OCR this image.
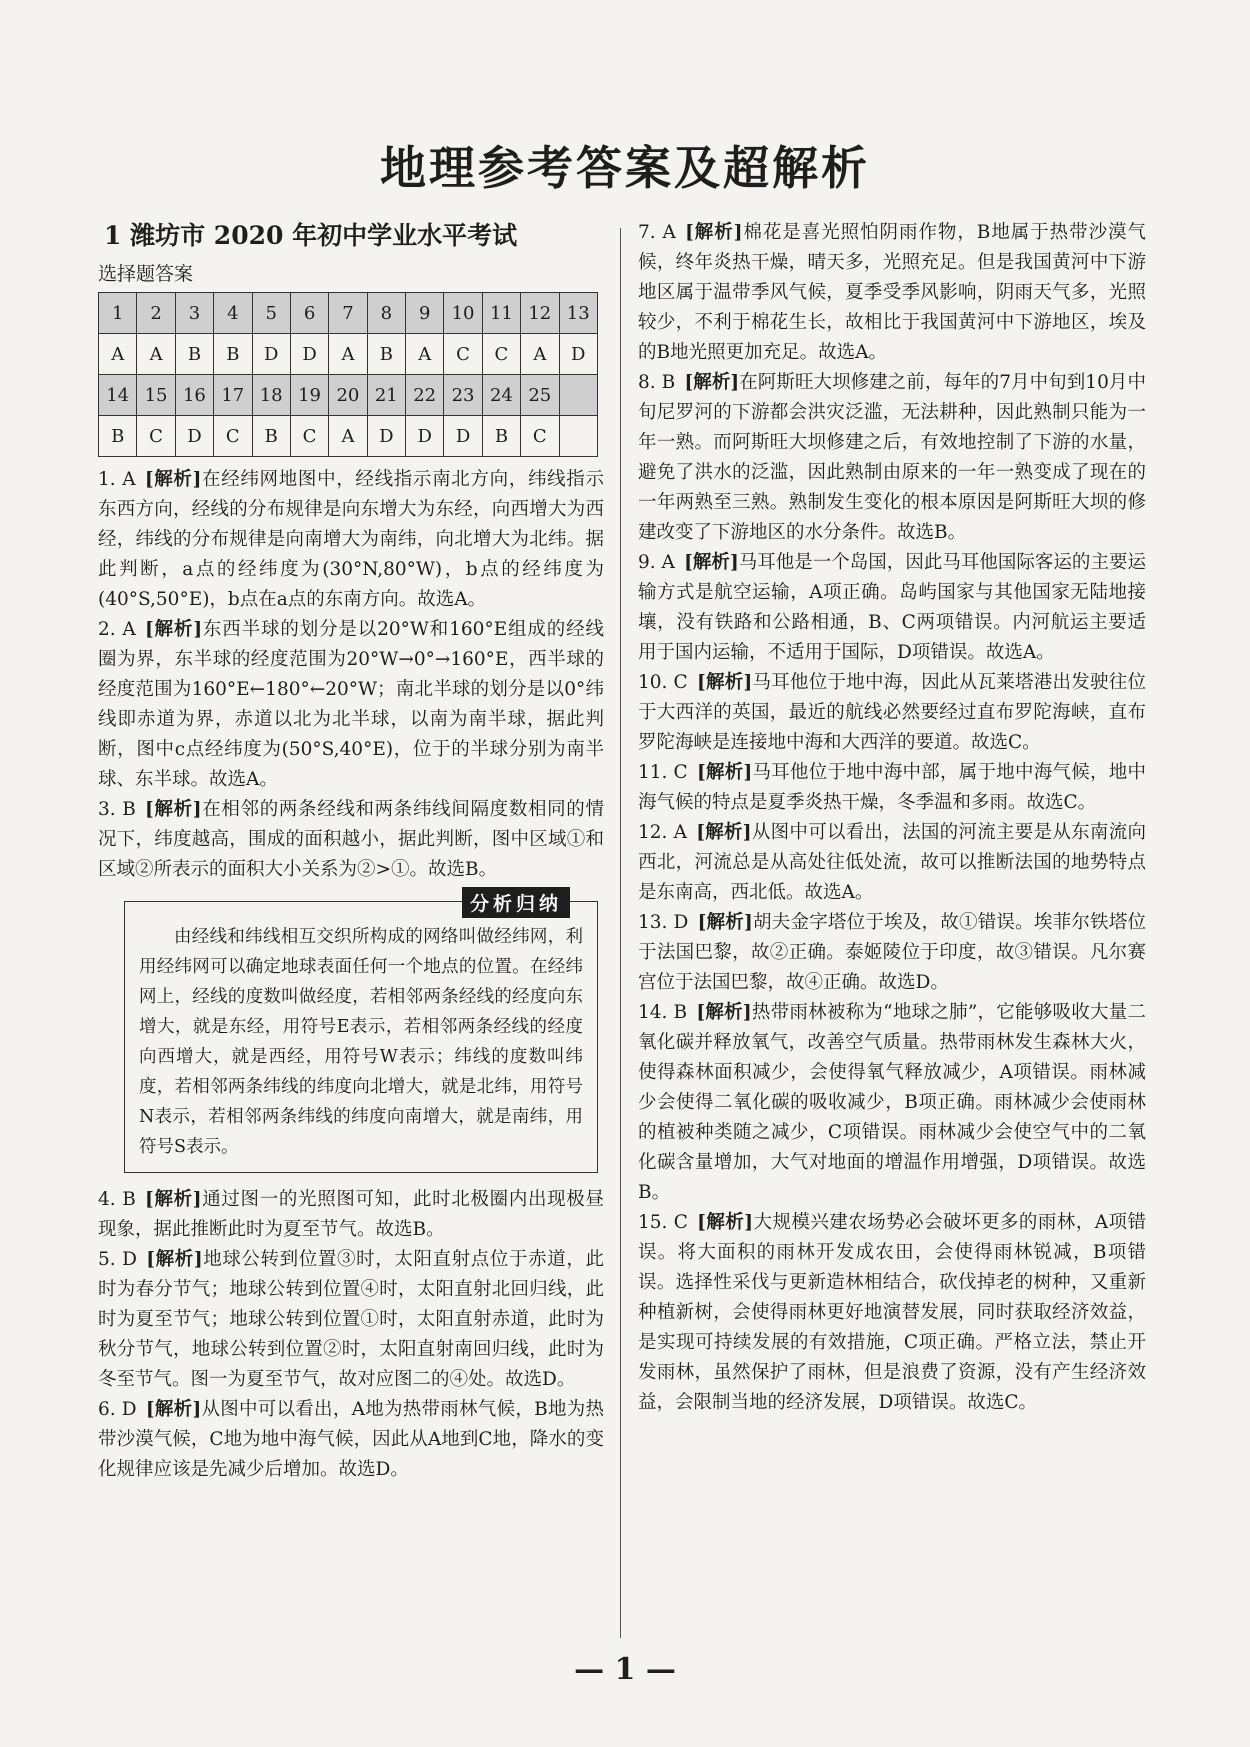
地理参考答案及超解析
1 潍坊市 2020 年初中学业水平考试
选择题答案
1	2	3	4	5	6	7	8	9	10	11	12	13
A	A	B	B	D	D	A	B	A	C	C	A	D
14	15	16	17	18	19	20	21	22	23	24	25	
B	C	D	C	B	C	A	D	D	D	B	C	
1. A  [解析]在经纬网地图中，经线指示南北方向，纬线指示东西方向，经线的分布规律是向东增大为东经，向西增大为西经，纬线的分布规律是向南增大为南纬，向北增大为北纬。据此判断，a点的经纬度为(30°N,80°W)，b点的经纬度为(40°S,50°E)，b点在a点的东南方向。故选A。
2. A  [解析]东西半球的划分是以20°W和160°E组成的经线圈为界，东半球的经度范围为20°W→0°→160°E，西半球的经度范围为160°E←180°←20°W；南北半球的划分是以0°纬线即赤道为界，赤道以北为北半球，以南为南半球，据此判断，图中c点经纬度为(50°S,40°E)，位于的半球分别为南半球、东半球。故选A。
3. B  [解析]在相邻的两条经线和两条纬线间隔度数相同的情况下，纬度越高，围成的面积越小，据此判断，图中区域①和区域②所表示的面积大小关系为②>①。故选B。
分析归纳
由经线和纬线相互交织所构成的网络叫做经纬网，利用经纬网可以确定地球表面任何一个地点的位置。在经纬网上，经线的度数叫做经度，若相邻两条经线的经度向东增大，就是东经，用符号E表示，若相邻两条经线的经度向西增大，就是西经，用符号W表示；纬线的度数叫纬度，若相邻两条纬线的纬度向北增大，就是北纬，用符号N表示，若相邻两条纬线的纬度向南增大，就是南纬，用符号S表示。
4. B  [解析]通过图一的光照图可知，此时北极圈内出现极昼现象，据此推断此时为夏至节气。故选B。
5. D  [解析]地球公转到位置③时，太阳直射点位于赤道，此时为春分节气；地球公转到位置④时，太阳直射北回归线，此时为夏至节气；地球公转到位置①时，太阳直射赤道，此时为秋分节气，地球公转到位置②时，太阳直射南回归线，此时为冬至节气。图一为夏至节气，故对应图二的④处。故选D。
6. D  [解析]从图中可以看出，A地为热带雨林气候，B地为热带沙漠气候，C地为地中海气候，因此从A地到C地，降水的变化规律应该是先减少后增加。故选D。
7. A  [解析]棉花是喜光照怕阴雨作物，B地属于热带沙漠气候，终年炎热干燥，晴天多，光照充足。但是我国黄河中下游地区属于温带季风气候，夏季受季风影响，阴雨天气多，光照较少，不利于棉花生长，故相比于我国黄河中下游地区，埃及的B地光照更加充足。故选A。
8. B  [解析]在阿斯旺大坝修建之前，每年的7月中旬到10月中旬尼罗河的下游都会洪灾泛滥，无法耕种，因此熟制只能为一年一熟。而阿斯旺大坝修建之后，有效地控制了下游的水量，避免了洪水的泛滥，因此熟制由原来的一年一熟变成了现在的一年两熟至三熟。熟制发生变化的根本原因是阿斯旺大坝的修建改变了下游地区的水分条件。故选B。
9. A  [解析]马耳他是一个岛国，因此马耳他国际客运的主要运输方式是航空运输，A项正确。岛屿国家与其他国家无陆地接壤，没有铁路和公路相通，B、C两项错误。内河航运主要适用于国内运输，不适用于国际，D项错误。故选A。
10. C  [解析]马耳他位于地中海，因此从瓦莱塔港出发驶往位于大西洋的英国，最近的航线必然要经过直布罗陀海峡，直布罗陀海峡是连接地中海和大西洋的要道。故选C。
11. C  [解析]马耳他位于地中海中部，属于地中海气候，地中海气候的特点是夏季炎热干燥，冬季温和多雨。故选C。
12. A  [解析]从图中可以看出，法国的河流主要是从东南流向西北，河流总是从高处往低处流，故可以推断法国的地势特点是东南高，西北低。故选A。
13. D  [解析]胡夫金字塔位于埃及，故①错误。埃菲尔铁塔位于法国巴黎，故②正确。泰姬陵位于印度，故③错误。凡尔赛宫位于法国巴黎，故④正确。故选D。
14. B  [解析]热带雨林被称为“地球之肺”，它能够吸收大量二氧化碳并释放氧气，改善空气质量。热带雨林发生森林大火，使得森林面积减少，会使得氧气释放减少，A项错误。雨林减少会使得二氧化碳的吸收减少，B项正确。雨林减少会使雨林的植被种类随之减少，C项错误。雨林减少会使空气中的二氧化碳含量增加，大气对地面的增温作用增强，D项错误。故选B。
15. C  [解析]大规模兴建农场势必会破坏更多的雨林，A项错误。将大面积的雨林开发成农田，会使得雨林锐减，B项错误。选择性采伐与更新造林相结合，砍伐掉老的树种，又重新种植新树，会使得雨林更好地演替发展，同时获取经济效益，是实现可持续发展的有效措施，C项正确。严格立法，禁止开发雨林，虽然保护了雨林，但是浪费了资源，没有产生经济效益，会限制当地的经济发展，D项错误。故选C。
— 1 —
